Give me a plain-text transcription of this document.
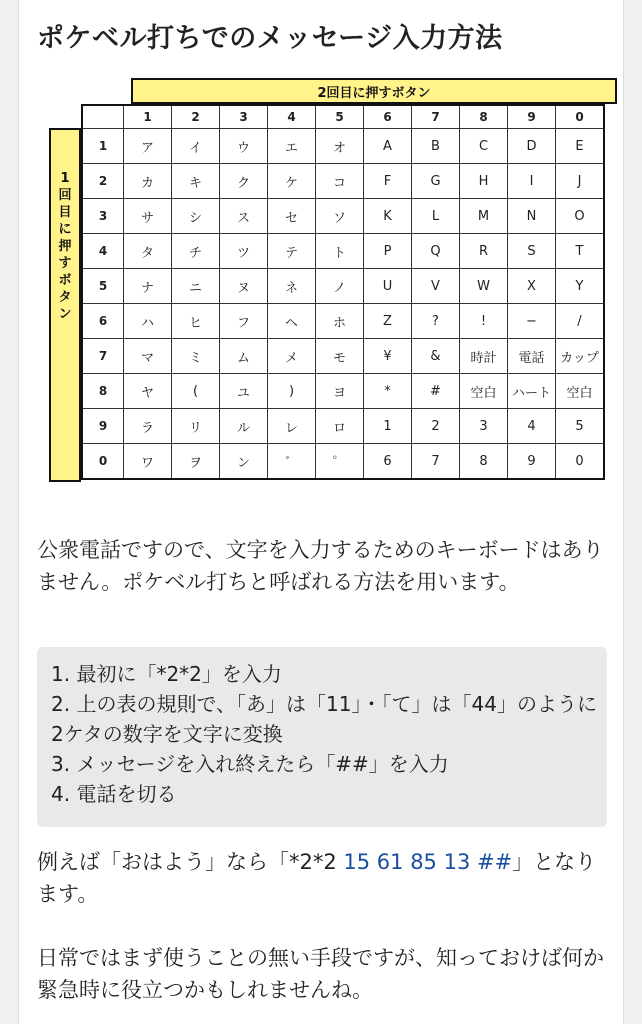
ポケベル打ちでのメッセージ入力方法
2回目に押すボタン
1
回
目
に
押
す
ボ
タ
ン
	1	2	3	4	5	6	7	8	9	0
1	ア	イ	ウ	エ	オ	A	B	C	D	E
2	カ	キ	ク	ケ	コ	F	G	H	I	J
3	サ	シ	ス	セ	ソ	K	L	M	N	O
4	タ	チ	ツ	テ	ト	P	Q	R	S	T
5	ナ	ニ	ヌ	ネ	ノ	U	V	W	X	Y
6	ハ	ヒ	フ	ヘ	ホ	Z	?	!	−	/
7	マ	ミ	ム	メ	モ	¥	&	時計	電話	カップ
8	ヤ	(	ユ	)	ヨ	*	#	空白	ハート	空白
9	ラ	リ	ル	レ	ロ	1	2	3	4	5
0	ワ	ヲ	ン	゛	゜	6	7	8	9	0
公衆電話ですので、文字を入力するためのキーボードはありません。ポケベル打ちと呼ばれる方法を用います。
1. 最初に「*2*2」を入力
2. 上の表の規則で、「あ」は「11」・「て」は「44」のように2ケタの数字を文字に変換
3. メッセージを入れ終えたら「##」を入力
4. 電話を切る
例えば「おはよう」なら「*2*2 15 61 85 13 ##」となります。
日常ではまず使うことの無い手段ですが、知っておけば何か緊急時に役立つかもしれませんね。
